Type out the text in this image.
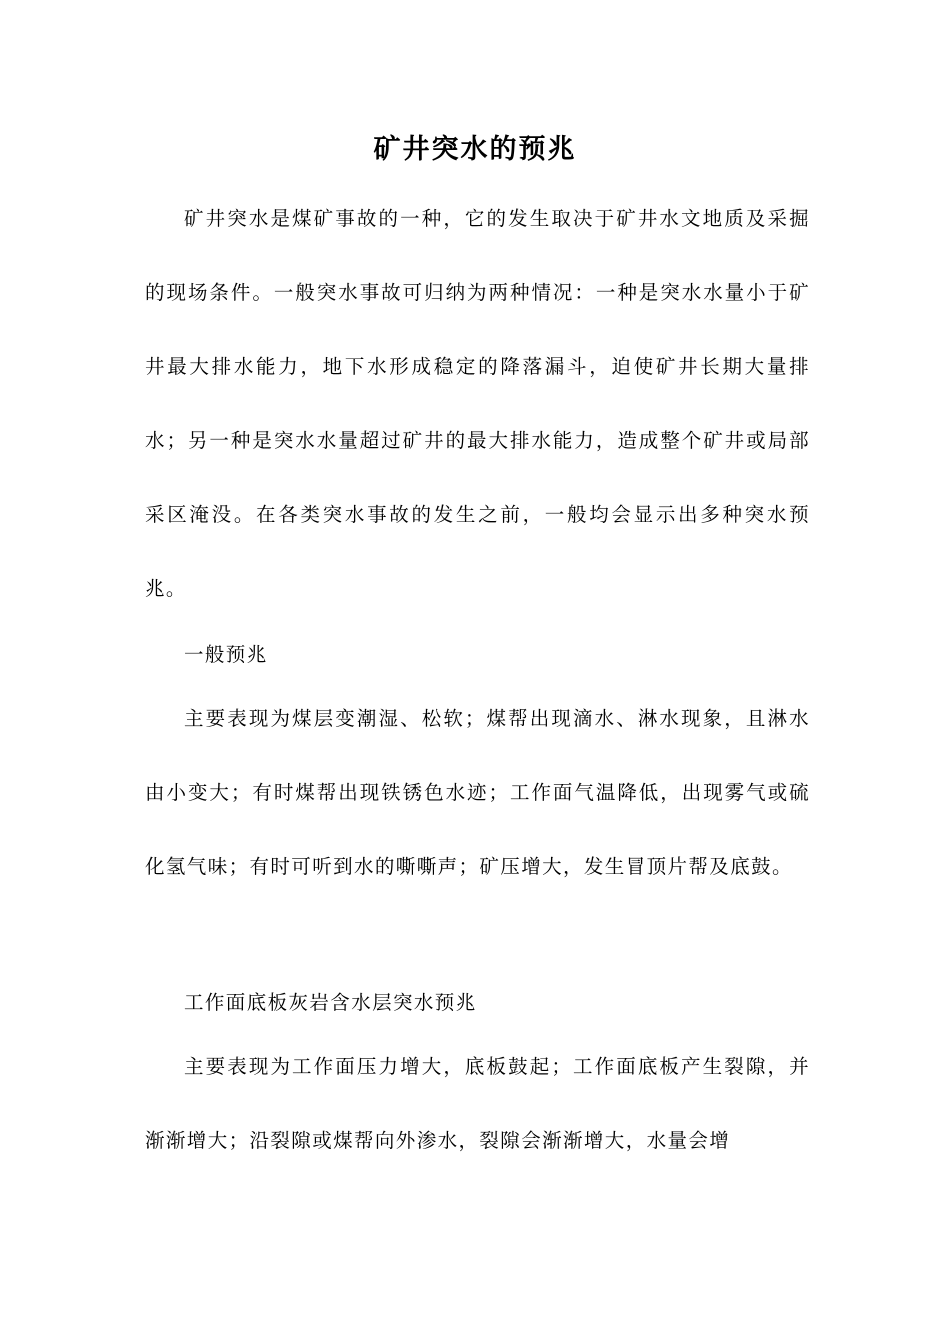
矿井突水的预兆

矿井突水是煤矿事故的一种，它的发生取决于矿井水文地质及采掘的现场条件。一般突水事故可归纳为两种情况：一种是突水水量小于矿井最大排水能力，地下水形成稳定的降落漏斗，迫使矿井长期大量排水；另一种是突水水量超过矿井的最大排水能力，造成整个矿井或局部采区淹没。在各类突水事故的发生之前，一般均会显示出多种突水预兆。

一般预兆

主要表现为煤层变潮湿、松软；煤帮出现滴水、淋水现象，且淋水由小变大；有时煤帮出现铁锈色水迹；工作面气温降低，出现雾气或硫化氢气味；有时可听到水的嘶嘶声；矿压增大，发生冒顶片帮及底鼓。

工作面底板灰岩含水层突水预兆

主要表现为工作面压力增大，底板鼓起；工作面底板产生裂隙，并渐渐增大；沿裂隙或煤帮向外渗水，裂隙会渐渐增大，水量会增
